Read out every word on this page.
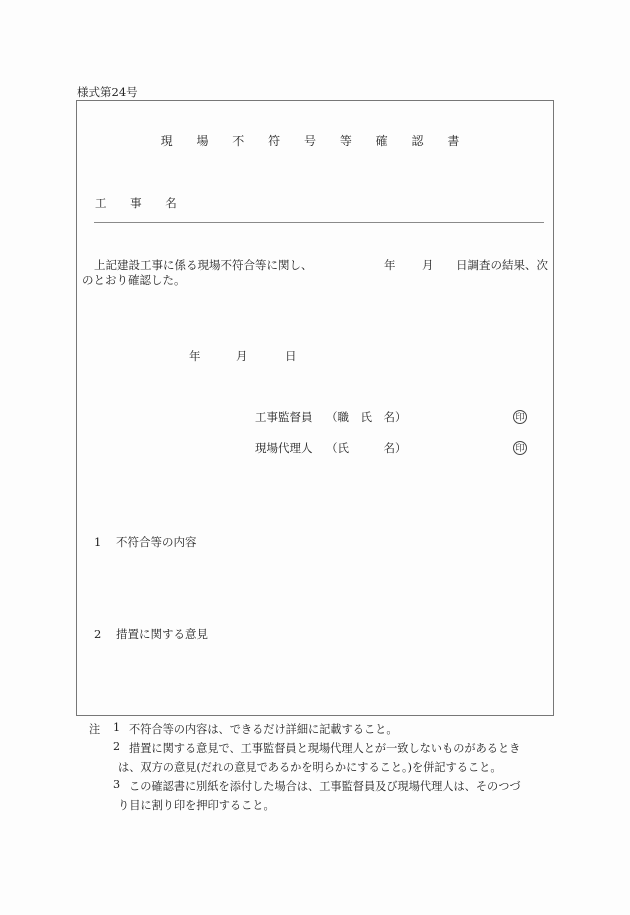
様式第24号
現 場 不 符 号 等 確 認 書
工 事 名
上記建設工事に係る現場不符合等に関し、	年 月 日調査の結果、次
のとおり確認した。
年	月	日
工事監督員 （職　氏　名）	印
現場代理人 （氏　　　名）	印
1 不符合等の内容
2 措置に関する意見
注 1 不符合等の内容は、できるだけ詳細に記載すること。
2 措置に関する意見で、工事監督員と現場代理人とが一致しないものがあるとき
は、双方の意見(だれの意見であるかを明らかにすること。)を併記すること。
3 この確認書に別紙を添付した場合は、工事監督員及び現場代理人は、そのつづ
り目に割り印を押印すること。
